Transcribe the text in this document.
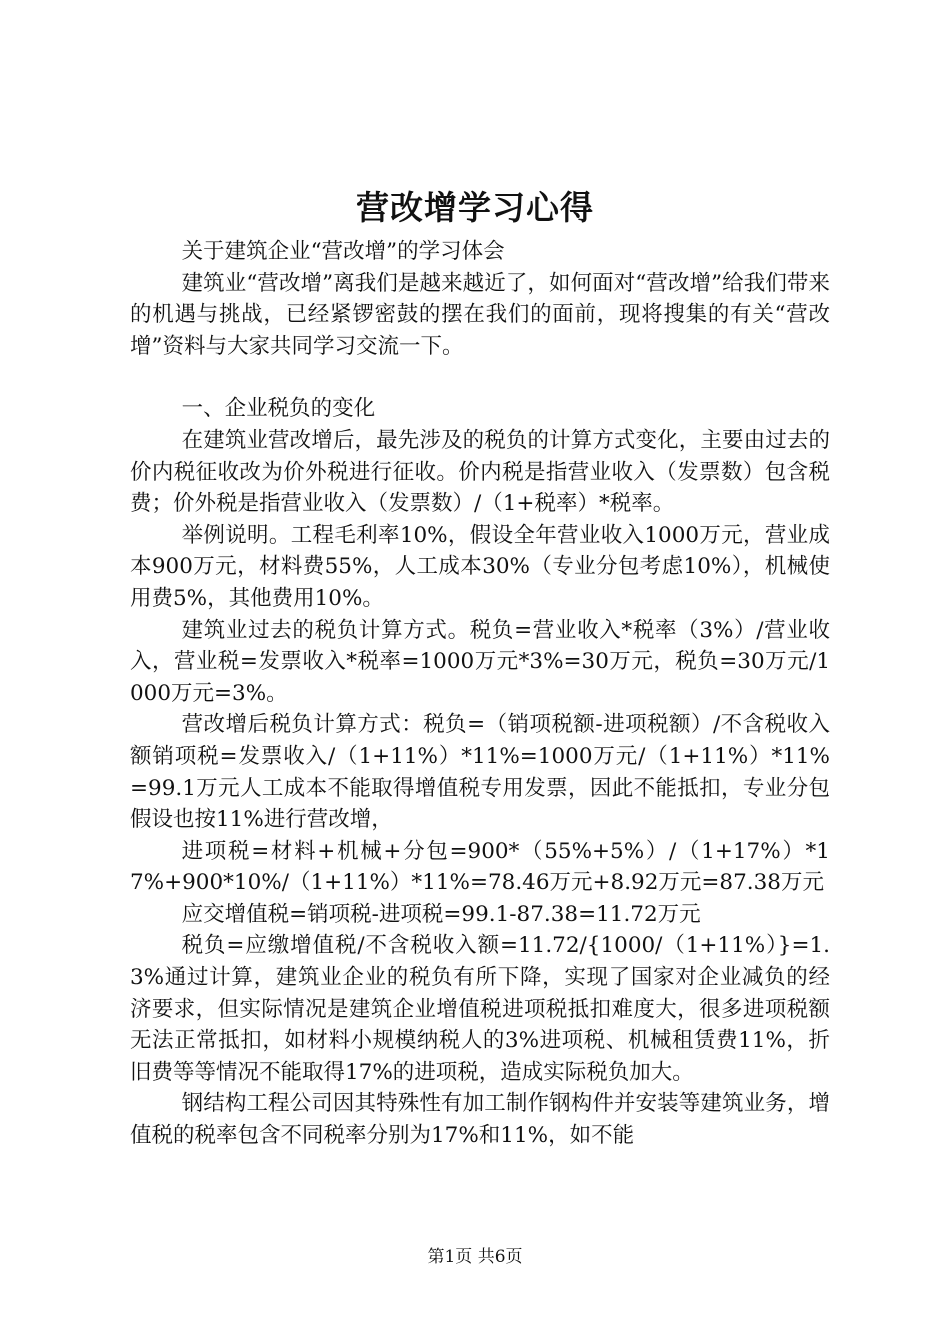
营改增学习心得

关于建筑企业“营改增”的学习体会

建筑业“营改增”离我们是越来越近了，如何面对“营改增”给我们带来的机遇与挑战，已经紧锣密鼓的摆在我们的面前，现将搜集的有关“营改增”资料与大家共同学习交流一下。

一、企业税负的变化

在建筑业营改增后，最先涉及的税负的计算方式变化，主要由过去的价内税征收改为价外税进行征收。价内税是指营业收入（发票数）包含税费；价外税是指营业收入（发票数）/（1+税率）*税率。

举例说明。工程毛利率10%，假设全年营业收入1000万元，营业成本900万元，材料费55%，人工成本30%（专业分包考虑10%），机械使用费5%，其他费用10%。

建筑业过去的税负计算方式。税负=营业收入*税率（3%）/营业收入，营业税=发票收入*税率=1000万元*3%=30万元，税负=30万元/1000万元=3%。

营改增后税负计算方式：税负=（销项税额-进项税额）/不含税收入额销项税=发票收入/（1+11%）*11%=1000万元/（1+11%）*11%=99.1万元人工成本不能取得增值税专用发票，因此不能抵扣，专业分包假设也按11%进行营改增，

进项税=材料+机械+分包=900*（55%+5%）/（1+17%）*17%+900*10%/（1+11%）*11%=78.46万元+8.92万元=87.38万元

应交增值税=销项税-进项税=99.1-87.38=11.72万元

税负=应缴增值税/不含税收入额=11.72/{1000/（1+11%）}=1.3%通过计算，建筑业企业的税负有所下降，实现了国家对企业减负的经济要求，但实际情况是建筑企业增值税进项税抵扣难度大，很多进项税额无法正常抵扣，如材料小规模纳税人的3%进项税、机械租赁费11%，折旧费等等情况不能取得17%的进项税，造成实际税负加大。

钢结构工程公司因其特殊性有加工制作钢构件并安装等建筑业务，增值税的税率包含不同税率分别为17%和11%，如不能

第1页 共6页
